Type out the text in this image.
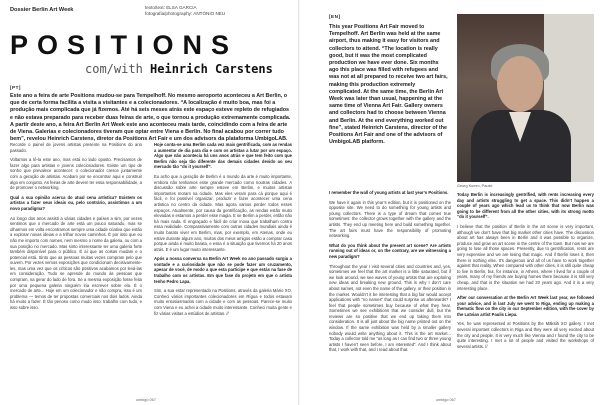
Dossier Berlin Art Week	texto/text: ELSA GARCIA
fotografia/photography: ANTÓNIO NEU
POSITIONS
com/with Heinrich Carstens
[PT]
Este ano a feira de arte Positions mudou-se para Tempelhoff. No mesmo aeroporto aconteceu a Art Berlin, o que de certa forma facilita a visita a visitantes e a colecionadores. “A localização é muito boa, mas foi a produção mais complicada que já fizemos. Até há seis meses atrás este espaço esteve repleto de refugiados e não estava preparado para receber duas feiras de arte, o que tornou a produção extremamente complicada. A partir deste ano, a feira Art Berlin Art Week este ano aconteceu mais tarde, coincidindo com a feira de arte de Viena. Galerias e colecionadores tiveram que optar entre Viena e Berlin. No final acabou por correr tudo bem”, revelou Heinrich Carstens, diretor da Positions Art Fair e um dos advisors da plataforma UmbigoLAB.

Recorde o painel de jovens artistas presente na Positions do ano passado.

Voltamos a tê-la este ano, mas está no lado oposto. Precisamos de fazer algo para artistas e jovens colecionadores. Existe um tipo de sonho que prevalece acontecer: o colecionador cresce juntamente com a geração de artistas. Acabam por se encontrar aqui e construir algo em conjunto. As feiras de arte devem ter essa responsabilidade, a de promover o networking.

Qual a sua opinião acerca do atual cena artística? Existem os artistas a fazer seus ideais ou, pelo contrário, assistimos a um novo paradigma?

Ao longo dos anos assisti a várias cidades e países a sim, por vezes sentimos que o mercado de arte está um pouco saturado, mas se olharmos em volta encontramos sempre uma cidade criativa que estão a explorar novas ideias e a trilhar novos caminhos. É por isso que eu não me importo com nomes, nem mesmo o nome da galeria, ou com a sua posição no mercado. Mas sinto interessante ter uma galeria forte também disponível para o público. É aí que as coisas mudam e o potencial está. Sinto que as pessoas muitas vezes compram pelo que ouvem. Por vezes vemos exposições que condicionam decisivamente-les, mas uma vez que os críticos são positivos acabamos por levá-las em consideração. Tudo se aprende do mundo às pessoas que compram, na gerar do lado de fora. Se a mesma exposição fosse feita por uma pequena galeria ninguém iria escrever sobre ela. É o mercado de arte... Hoje em um colecionador e não compra, isso é um problema — temos de ter propostas comerciais nos dois lados. Ainda há muito a fazer. É tão penoso como mudo isso: trabalho com tudo, e isso sobre isso.

Hoje conta-se uma Berlim cada vez mais gentrificada, com as rendas a aumentar de dia para dia e com os artistas a lutar por um espaço. Algo que não acontecia há uns anos atrás e que tem feito com que Berlim não seja tão diferente das demais cidades devido ao seu mercado tão “do it yourself”.

Eu acho que a geração de Berlim é o mundo da arte é muito importante, embora não tenhamos esse grande mercado como noutras cidades. A discussão sobre arte sempre esteve em Berlim, e muitos artistas importantes moram na cidade. Mas eles veram para cá porque aqui é fácil, e foi possível organizar, produzir e fazer acontecer uma cena artística no centro da cidade. Mas agora vamos perder todos esses espaços. Atualmente, por causa da gentrificação, as rendas estão muito elevadas e estamos a perder esse magia. E se Berlim a perder, então não há mais nada. É engraçado e fácil de criar inova que trabalham contra essa realidade. Comparativamente com outras cidades mundiais ainda é muito barato viver em Berlim, mas, por exemplo, em Atenas, onde eu estive durante algum ano, muitos dos meus amigos estão a comprar casa porque ainda é muito barata, e essa é a situação que tivemos há 20 anos atrás. E é um lugar muito interessante.

Após a nossa conversa na Berlin Art Week no ano passado surgiu a vontade e a curiosidade que não se pode fazer um cruzamento, apesar de você, de modo a que esta participe e que estás na fase de trabalho com os artistas. Em que fase do projeto em que o artista tenho Pedro Lapa.

Sim, a sua estar representado na Positions, através da galeria Mário XO. Conheci vários importantes colecionadores em Rígua e todos estavam muito entusiasmados com a cidade e com as pessoas. Parece-se muito com Viena e eu achei a cidade muito interessante. Conheci muita gente e fiz várias visitas a estúdios de artistas. //

umbigo 067
[EN]
This year Positions Art Fair moved to Tempelhoff. Art Berlin was held at the same airport, thus making it easy for visitors and collectors to attend. “The location is really good, but it was the most complicated production we have ever done. Six months ago this place was filled with refugees and was not at all prepared to receive two art fairs, making this production extremely complicated. At the same time, the Berlin Art Week was later than usual, happening at the same time of Vienna Art Fair. Gallery owners and collectors had to choose between Vienna and Berlin. At the end everything worked out fine”, stated Heinrich Carstens, director of the Positions Art Fair and one of the advisors of UmbigoLAB platform.
Georg Kumm, Pause

I remember the wall of young artists at last year’s Positions.

We have it again in this year’s edition, but it is positioned on the opposite site. We need to do something for young artists and young collectors. There is a type of dream that comes true sometimes: the collector grows together with the gallery and the artists. They end up meeting here and build something together. The art fairs must have the responsibility of promoting networking.

What do you think about the present art scene? Are artists running out of ideas or, on the contrary, are we witnessing a new paradigm?

Throughout the year I visit several cities and countries and, yes, sometimes we feel that the art market is a little saturated, but if we look around, we see waves of young artists that are exploring new ideas and breaking new ground. This is why I don’t care about names, not even the name of the gallery, or their position in the market. Wouldn’t it be interesting that a big fair would accept applications with “no names” that could surprise us afterwards? I feel that people sometimes buy because of what they hear. Sometimes we see exhibitions that we consider dull, but the reviews are so positive that we end up taking them into consideration. It is all just about the big name printed out on the window. If the same exhibition was held by a smaller gallery nobody would write anything about it. This is the art market... Today a collector told me “as long as I can find two or three young artists I haven’t seen before, I am interested”. And I think about that, I work with that, and I read about that.

Today Berlin is increasingly gentrified, with rents increasing every day and artists struggling to get a space. This didn’t happen a couple of years ago which lead us to think that now Berlin was going to be different from all the other cities, with its strong motto “do it yourself”.

I believe that the position of Berlin in the art scene is very important, although we don’t have that big market other cities have. The discussion about art has always been in Berlin and it was possible to organize, produce and grow an art scene in the centre of the town. But now we are going to lose all those spaces. Presently, due to gentrification, rents are very expensive and we are losing that magic. And if Berlin loses it, then there is nothing else. It’s dangerous and all of us have to work together against that reality. When compared with other cities, it is still quite cheap to live in Berlin, but, for instance, in Athens, where I lived for a couple of years, many of my friends are buying homes there because it is still very cheap, and that is the situation we had 20 years ago. And it is a very interesting place.

After our conversation at the Berlin Art Week last year, we followed your advice, and in last July we went to Riga, ending up making a thematic flow on the city in our September edition, with the cover by the Latvian artist Paulis Liepa.

Yes, he was represented at Positions by the Mākslā XO gallery. I met several important collectors in Riga and they were all very excited about the city and people. It is very much like Vienna and I found the city to be quite interesting. I met a lot of people and visited the workshops of several artists. //

umbigo 067
